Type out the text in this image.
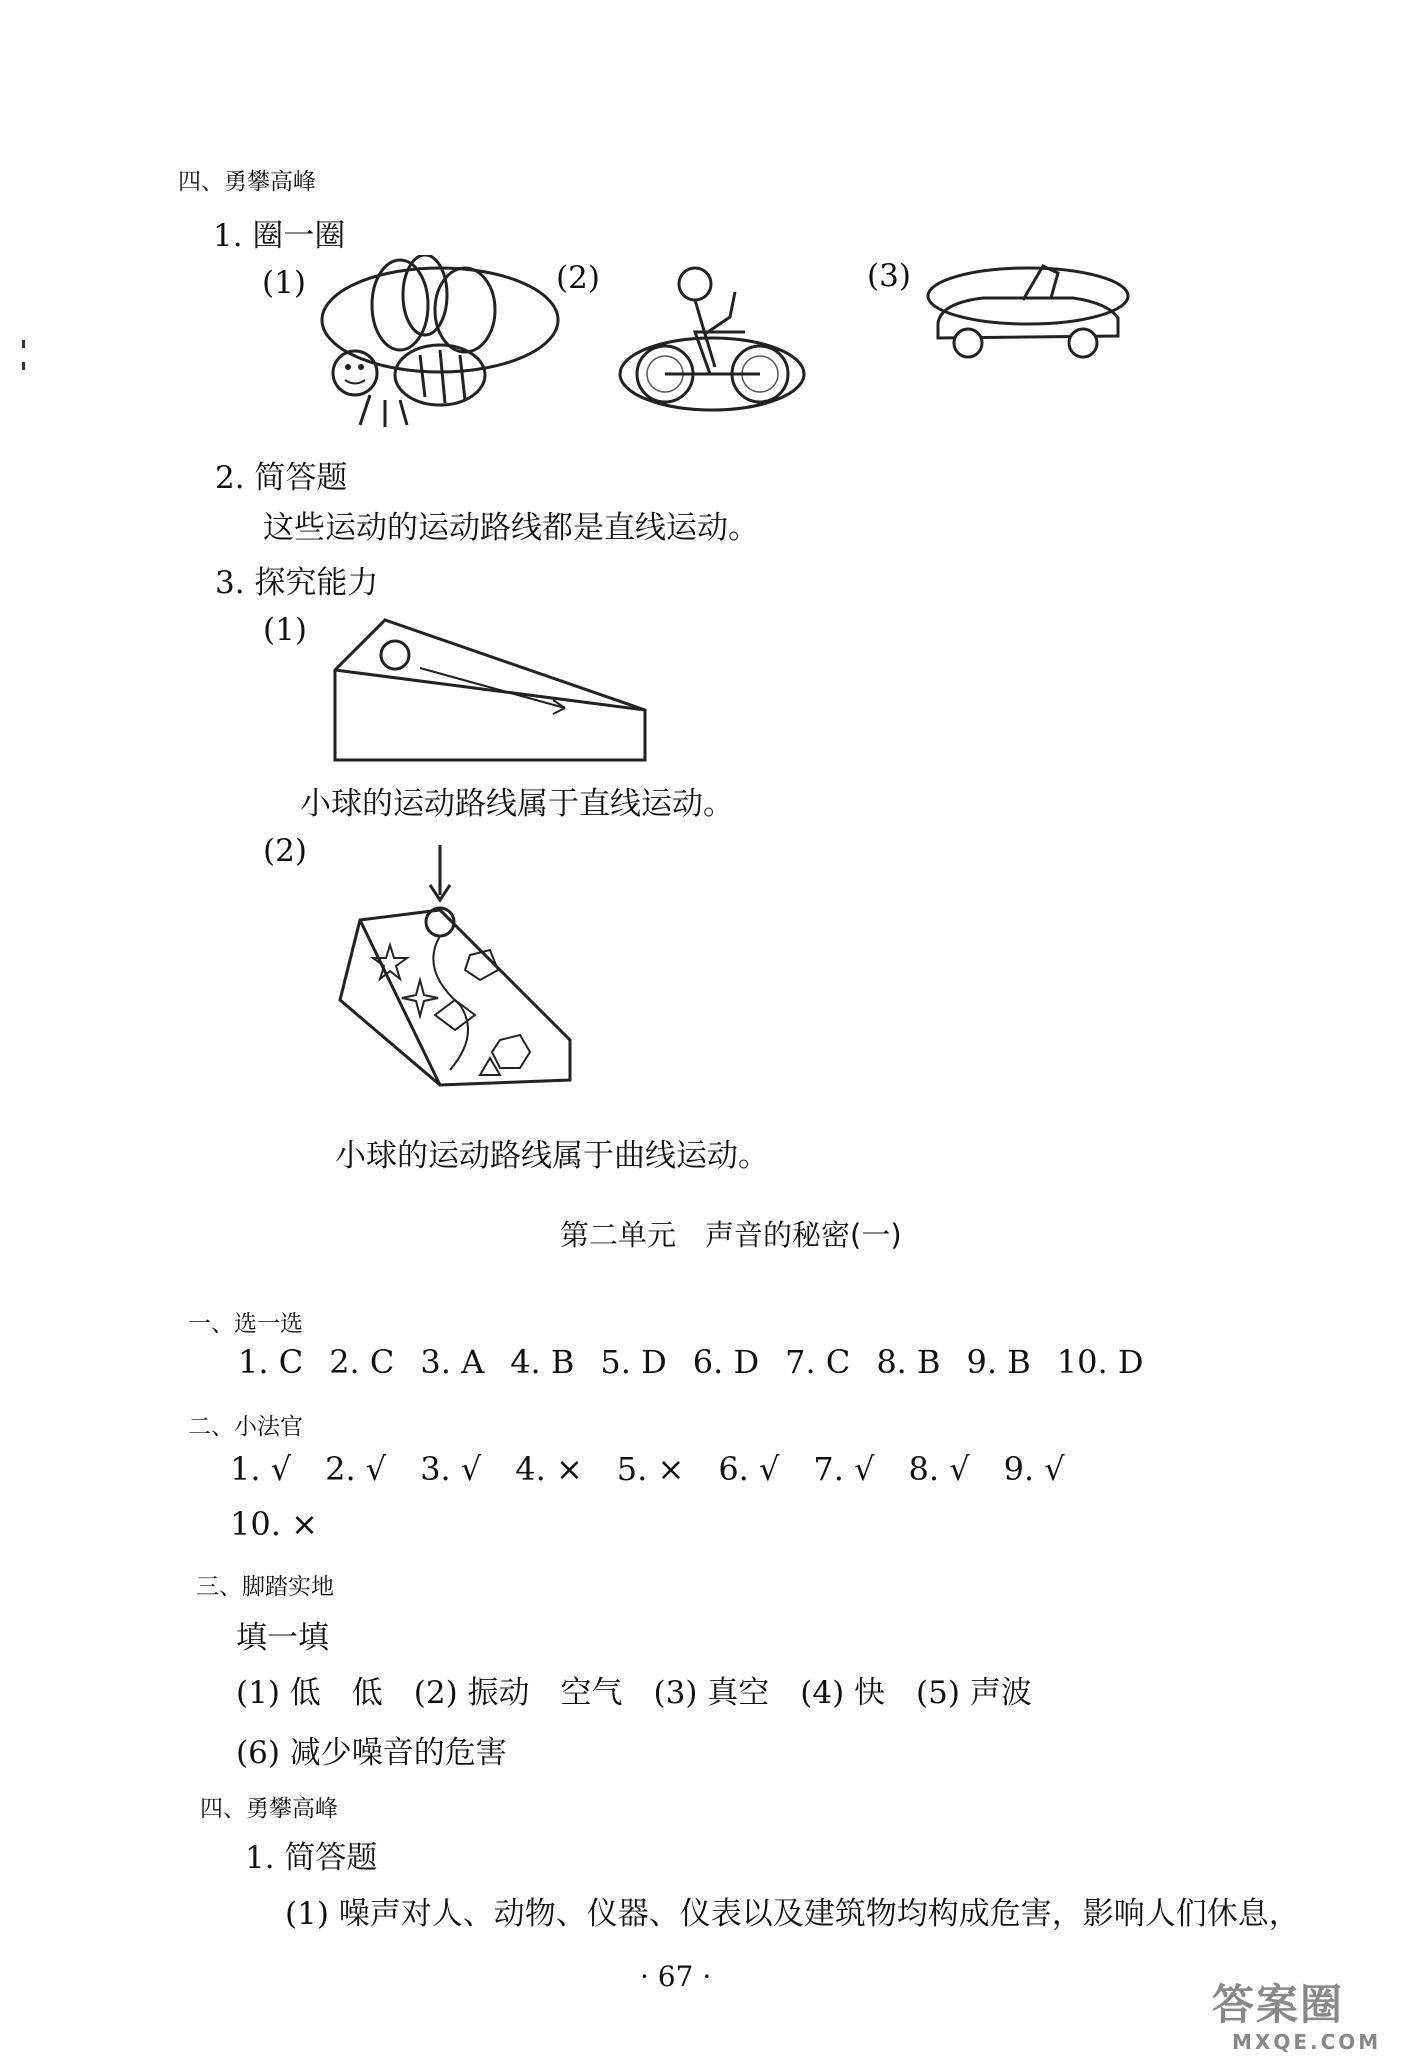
四、勇攀高峰
1. 圈一圈
(1)	(2)	(3)
2. 简答题
这些运动的运动路线都是直线运动。
3. 探究能力
(1)
小球的运动路线属于直线运动。
(2)
小球的运动路线属于曲线运动。
第二单元　声音的秘密(一)
一、选一选
1. C 2. C 3. A 4. B 5. D 6. D 7. C 8. B 9. B 10. D
二、小法官
1. √ 2. √ 3. √ 4. × 5. × 6. √ 7. √ 8. √ 9. √
10. ×
三、脚踏实地
填一填
(1) 低　低　(2) 振动　空气　(3) 真空　(4) 快　(5) 声波
(6) 减少噪音的危害
四、勇攀高峰
1. 简答题
(1) 噪声对人、动物、仪器、仪表以及建筑物均构成危害，影响人们休息，
· 67 ·
答案圈
MXQE.COM
